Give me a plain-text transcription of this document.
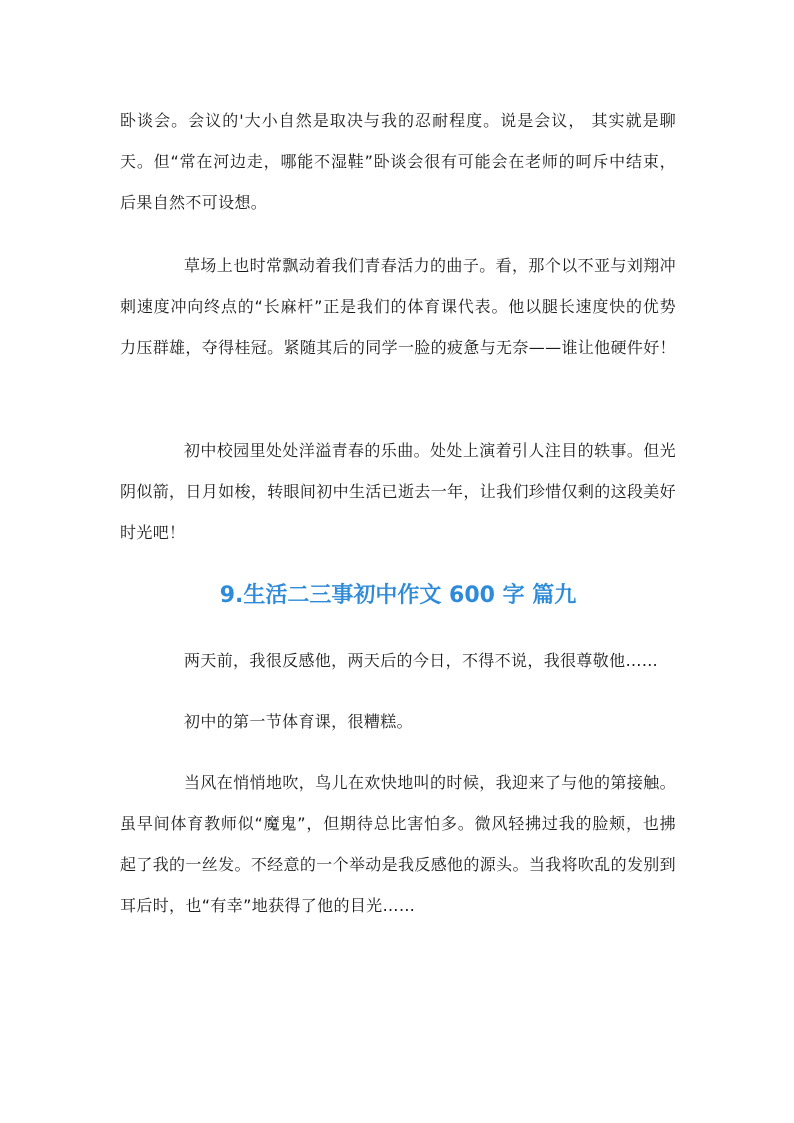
卧谈会。会议的'大小自然是取决与我的忍耐程度。说是会议， 其实就是聊天。但“常在河边走，哪能不湿鞋”卧谈会很有可能会在老师的呵斥中结束，后果自然不可设想。

草场上也时常飘动着我们青春活力的曲子。看，那个以不亚与刘翔冲刺速度冲向终点的“长麻杆”正是我们的体育课代表。他以腿长速度快的优势力压群雄，夺得桂冠。紧随其后的同学一脸的疲惫与无奈——谁让他硬件好！

初中校园里处处洋溢青春的乐曲。处处上演着引人注目的轶事。但光阴似箭，日月如梭，转眼间初中生活已逝去一年，让我们珍惜仅剩的这段美好时光吧！

9.生活二三事初中作文 600 字 篇九

两天前，我很反感他，两天后的今日，不得不说，我很尊敬他……

初中的第一节体育课，很糟糕。

当风在悄悄地吹，鸟儿在欢快地叫的时候，我迎来了与他的第接触。虽早间体育教师似“魔鬼”，但期待总比害怕多。微风轻拂过我的脸颊，也拂起了我的一丝发。不经意的一个举动是我反感他的源头。当我将吹乱的发别到耳后时，也“有幸”地获得了他的目光……
